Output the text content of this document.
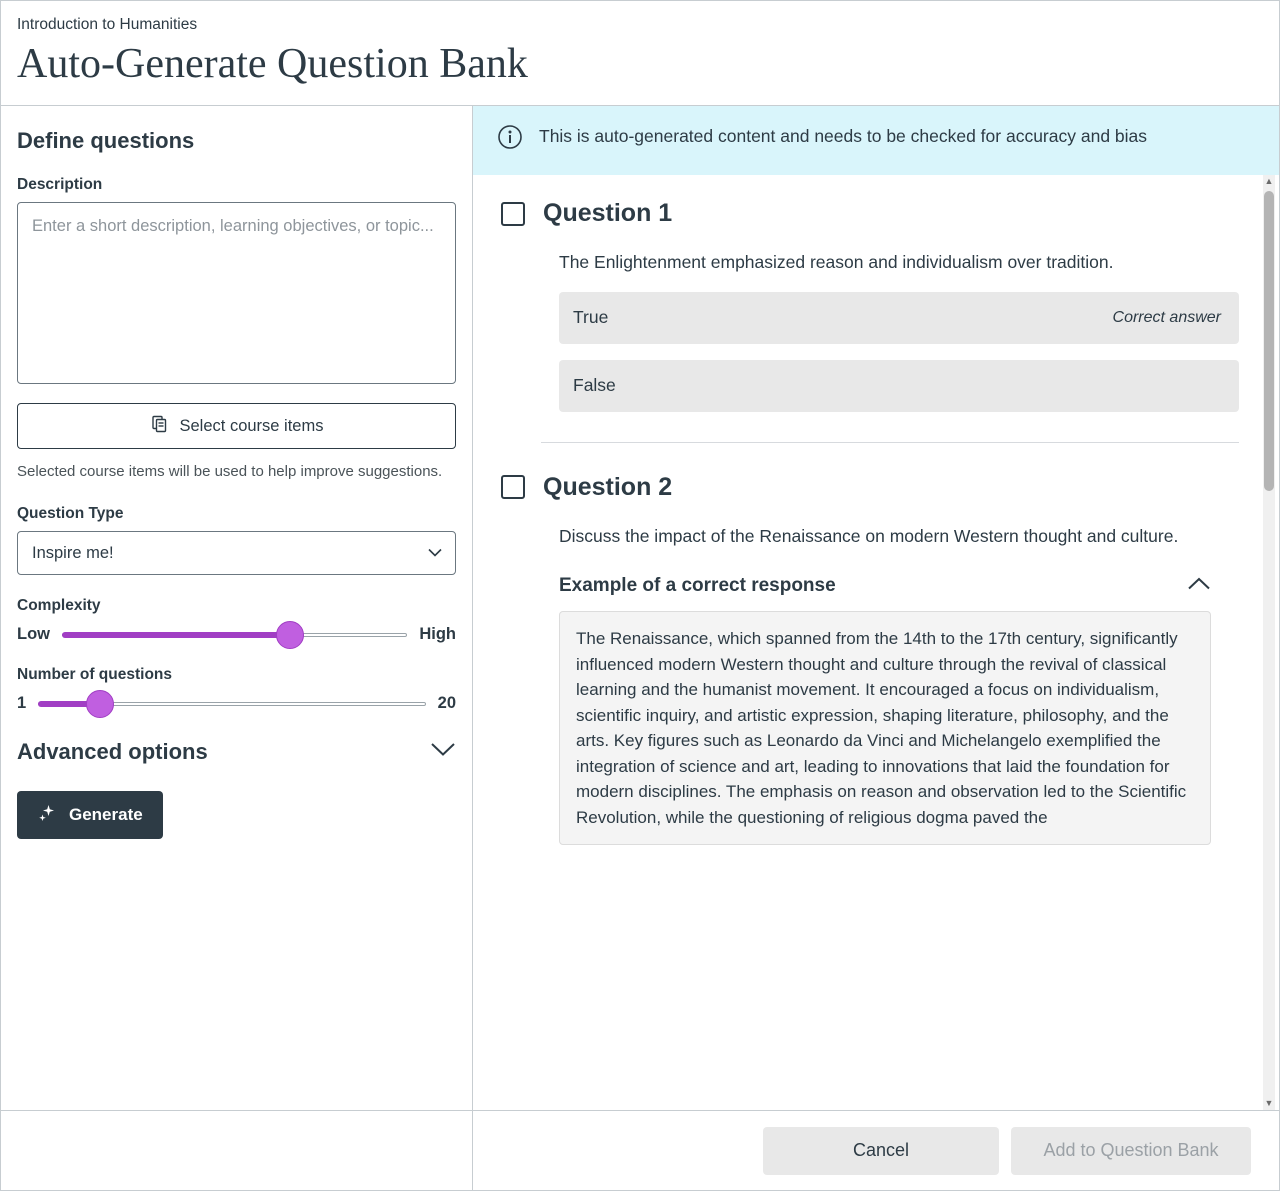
Introduction to Humanities
Auto-Generate Question Bank
Define questions
Description
Enter a short description, learning objectives, or topic...
Select course items
Selected course items will be used to help improve suggestions.
Question Type
Inspire me!
Complexity
Low	High
Number of questions
1	20
Advanced options
Generate
This is auto-generated content and needs to be checked for accuracy and bias
Question 1
The Enlightenment emphasized reason and individualism over tradition.
True	Correct answer
False
Question 2
Discuss the impact of the Renaissance on modern Western thought and culture.
Example of a correct response
The Renaissance, which spanned from the 14th to the 17th century, significantly influenced modern Western thought and culture through the revival of classical learning and the humanist movement. It encouraged a focus on individualism, scientific inquiry, and artistic expression, shaping literature, philosophy, and the arts. Key figures such as Leonardo da Vinci and Michelangelo exemplified the integration of science and art, leading to innovations that laid the foundation for modern disciplines. The emphasis on reason and observation led to the Scientific Revolution, while the questioning of religious dogma paved the
▲
▼
Cancel	Add to Question Bank
